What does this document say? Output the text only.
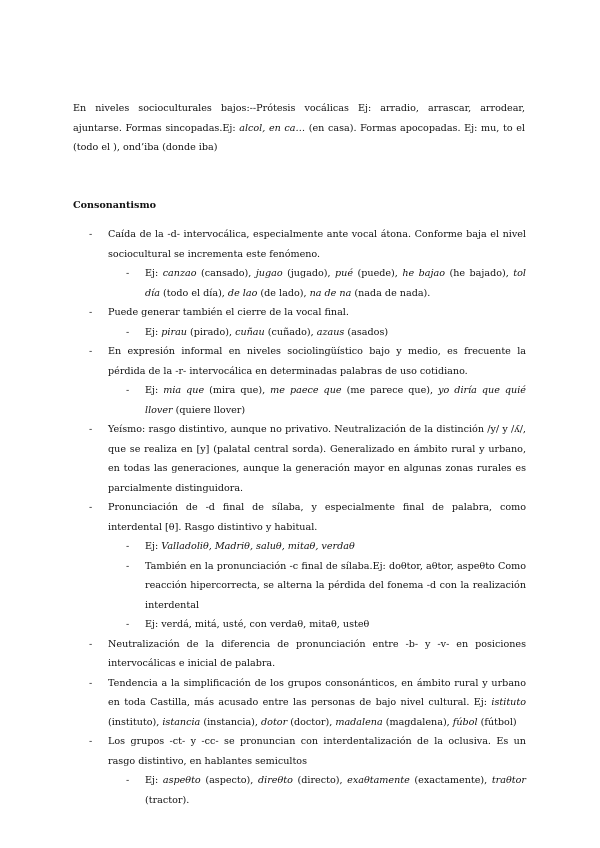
En niveles socioculturales bajos:--Prótesis vocálicas Ej: arradio, arrascar, arrodear, ajuntarse. Formas sincopadas.Ej: alcol, en ca… (en casa). Formas apocopadas. Ej: mu, to el (todo el ), ond’iba (donde iba)

Consonantismo
- Caída de la -d- intervocálica, especialmente ante vocal átona. Conforme baja el nivel sociocultural se incrementa este fenómeno.
- Ej: canzao (cansado), jugao (jugado), pué (puede), he bajao (he bajado), tol día (todo el día), de lao (de lado), na de na (nada de nada).
- Puede generar también el cierre de la vocal final.
- Ej: pirau (pirado), cuñau (cuñado), azaus (asados)
- En expresión informal en niveles sociolingüístico bajo y medio, es frecuente la pérdida de la -r- intervocálica en determinadas palabras de uso cotidiano.
- Ej: mia que (mira que), me paece que (me parece que), yo diría que quié llover (quiere llover)
- Yeísmo: rasgo distintivo, aunque no privativo. Neutralización de la distinción /y/ y /ʎ/, que se realiza en [y] (palatal central sorda). Generalizado en ámbito rural y urbano, en todas las generaciones, aunque la generación mayor en algunas zonas rurales es parcialmente distinguidora.
- Pronunciación de -d final de sílaba, y especialmente final de palabra, como interdental [θ]. Rasgo distintivo y habitual.
- Ej: Valladoliθ, Madriθ, saluθ, mitaθ, verdaθ
- También en la pronunciación -c final de sílaba.Ej: doθtor, aθtor, aspeθto Como reacción hipercorrecta, se alterna la pérdida del fonema -d con la realización interdental
- Ej: verdá, mitá, usté, con verdaθ, mitaθ, usteθ
- Neutralización de la diferencia de pronunciación entre -b- y -v- en posiciones intervocálicas e inicial de palabra.
- Tendencia a la simplificación de los grupos consonánticos, en ámbito rural y urbano en toda Castilla, más acusado entre las personas de bajo nivel cultural. Ej: istituto (instituto), istancia (instancia), dotor (doctor), madalena (magdalena), fúbol (fútbol)
- Los grupos -ct- y -cc- se pronuncian con interdentalización de la oclusiva. Es un rasgo distintivo, en hablantes semicultos
- Ej: aspeθto (aspecto), direθto (directo), exaθtamente (exactamente), traθtor (tractor).
